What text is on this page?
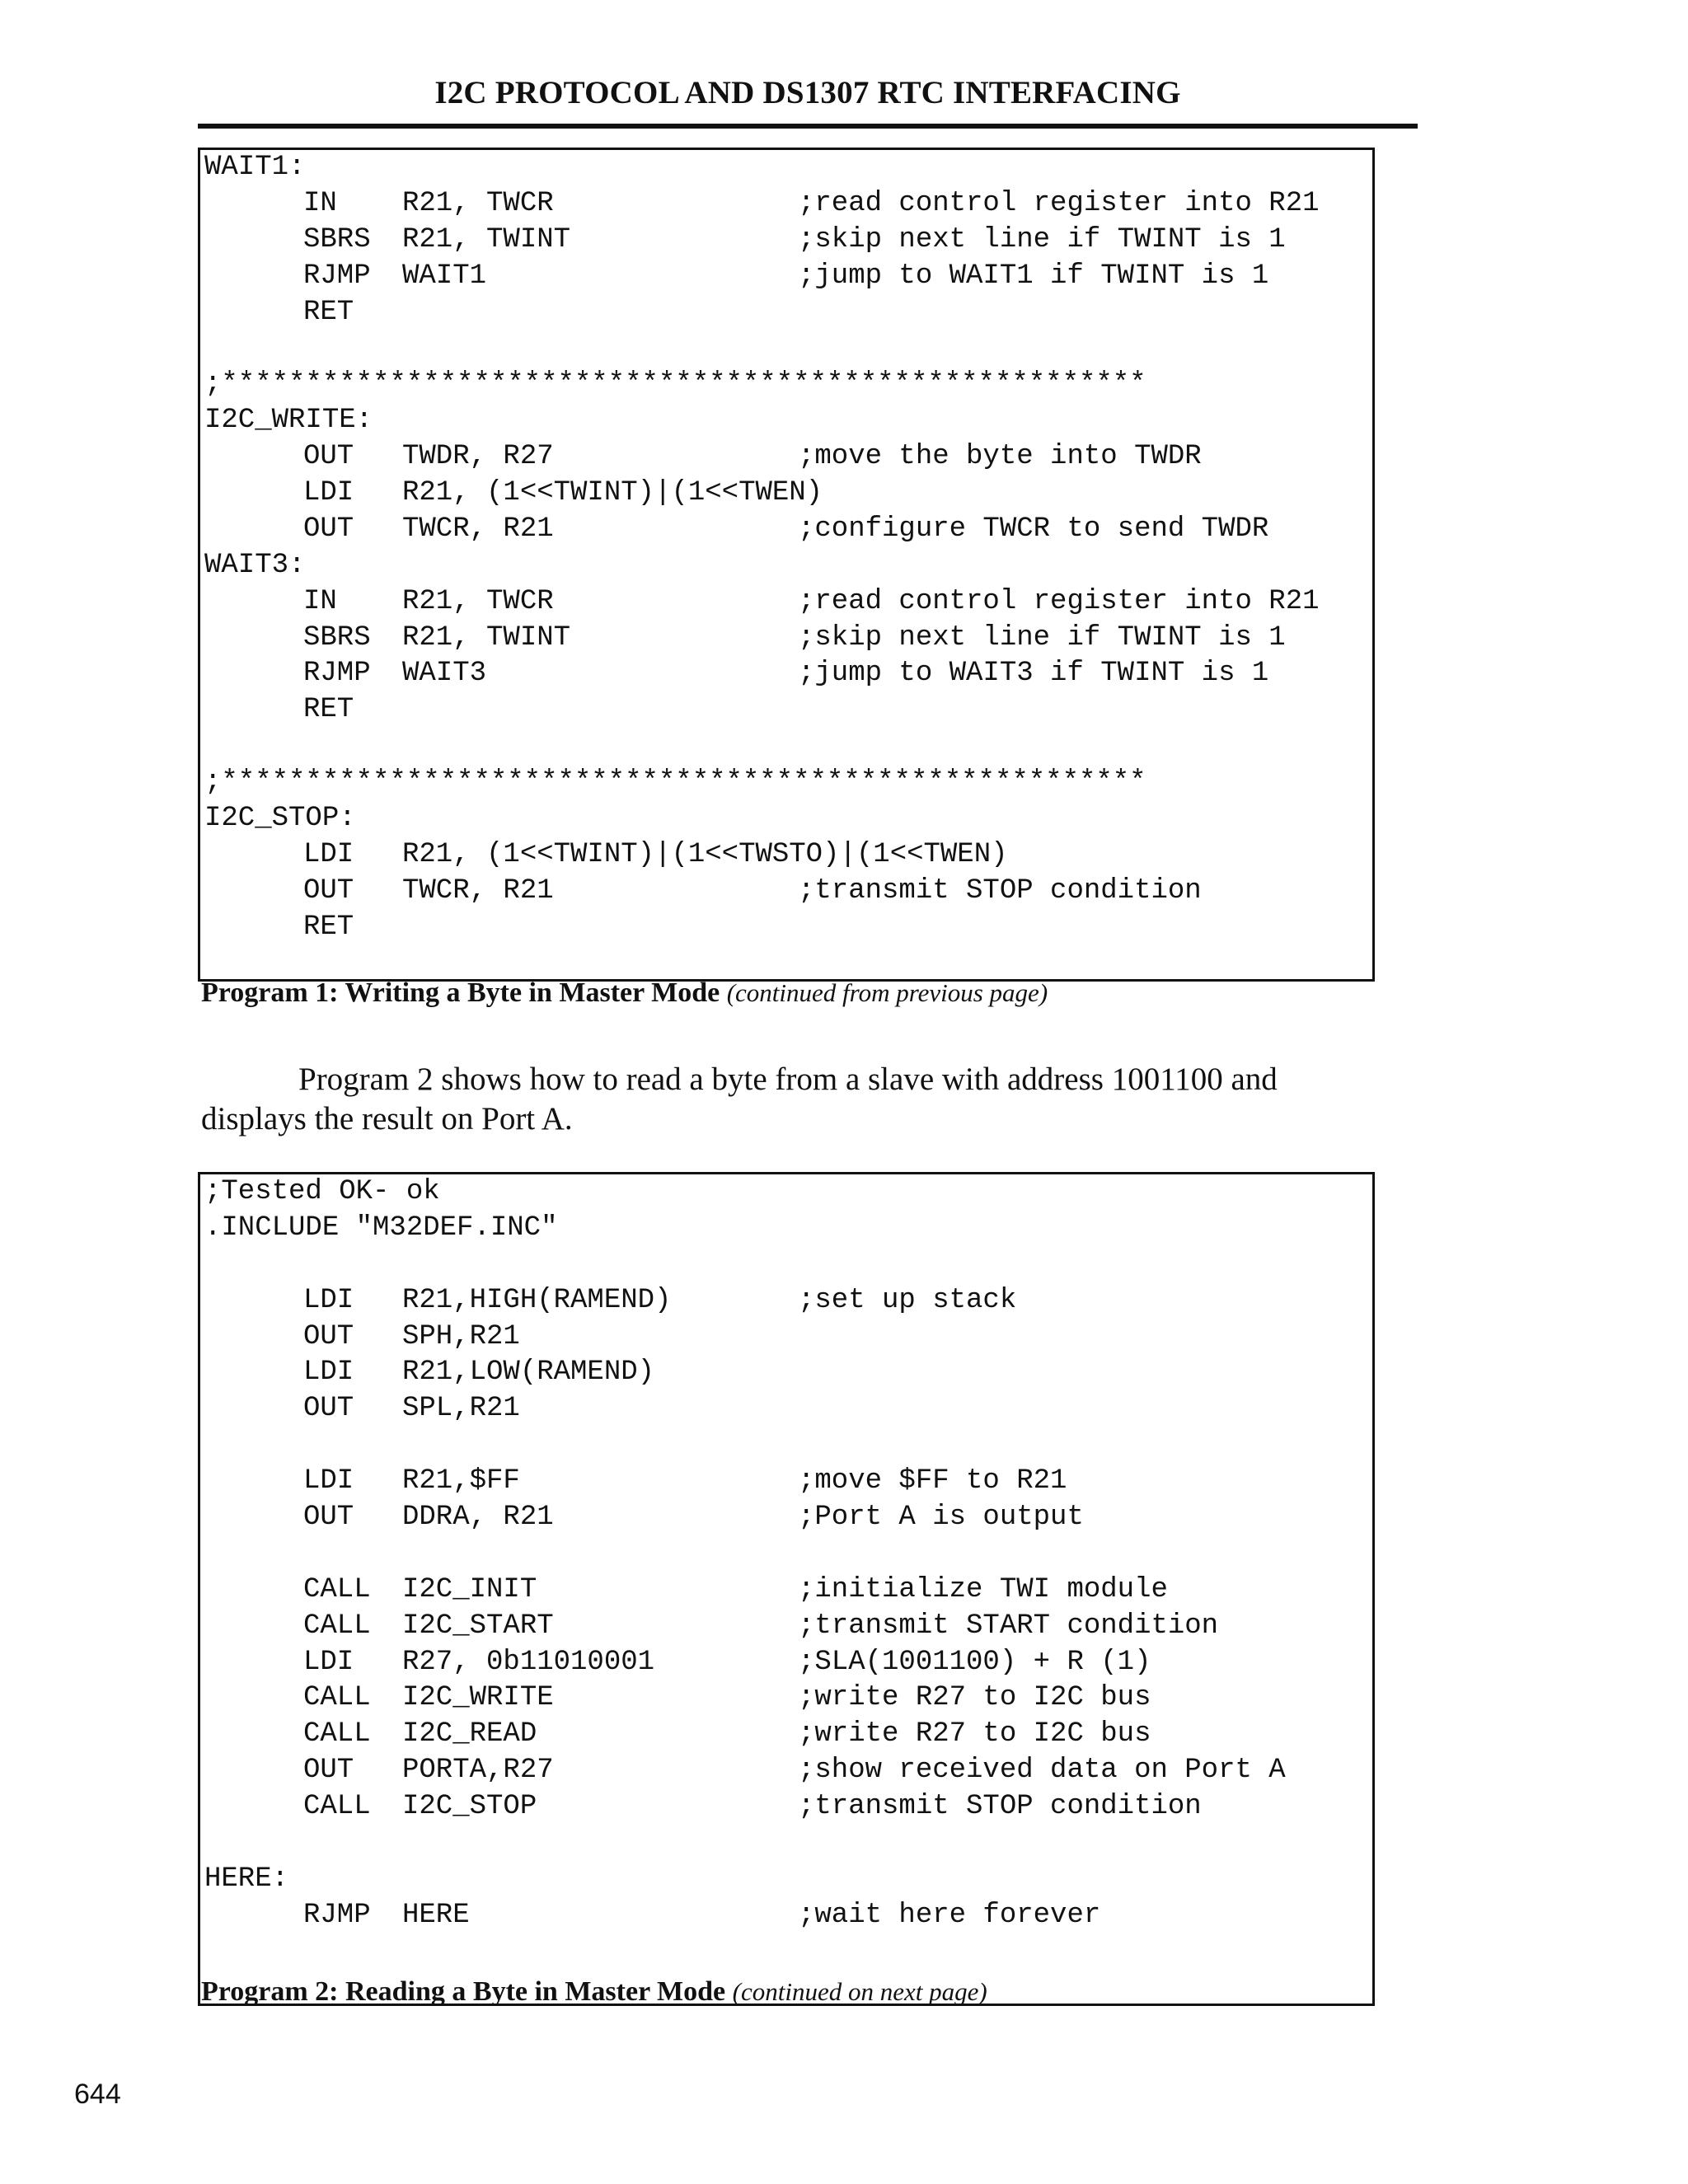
I2C PROTOCOL AND DS1307 RTC INTERFACING
WAIT1:
IN R21, TWCR	;read control register into R21
SBRS R21, TWINT	;skip next line if TWINT is 1
RJMP WAIT1	;jump to WAIT1 if TWINT is 1
RET
;*******************************************************
I2C_WRITE:
OUT TWDR, R27	;move the byte into TWDR
LDI R21, (1<<TWINT)|(1<<TWEN)
OUT TWCR, R21	;configure TWCR to send TWDR
WAIT3:
IN R21, TWCR	;read control register into R21
SBRS R21, TWINT	;skip next line if TWINT is 1
RJMP WAIT3	;jump to WAIT3 if TWINT is 1
RET
;*******************************************************
I2C_STOP:
LDI R21, (1<<TWINT)|(1<<TWSTO)|(1<<TWEN)
OUT TWCR, R21	;transmit STOP condition
RET
Program 1: Writing a Byte in Master Mode (continued from previous page)
Program 2 shows how to read a byte from a slave with address 1001100 and displays the result on Port A.
;Tested OK- ok
.INCLUDE "M32DEF.INC"
LDI R21,HIGH(RAMEND)	;set up stack
OUT SPH,R21
LDI R21,LOW(RAMEND)
OUT SPL,R21
LDI R21,$FF	;move $FF to R21
OUT DDRA, R21	;Port A is output
CALL I2C_INIT	;initialize TWI module
CALL I2C_START	;transmit START condition
LDI R27, 0b11010001	;SLA(1001100) + R (1)
CALL I2C_WRITE	;write R27 to I2C bus
CALL I2C_READ	;write R27 to I2C bus
OUT PORTA,R27	;show received data on Port A
CALL I2C_STOP	;transmit STOP condition
HERE:
RJMP HERE	;wait here forever
Program 2: Reading a Byte in Master Mode (continued on next page)
644
